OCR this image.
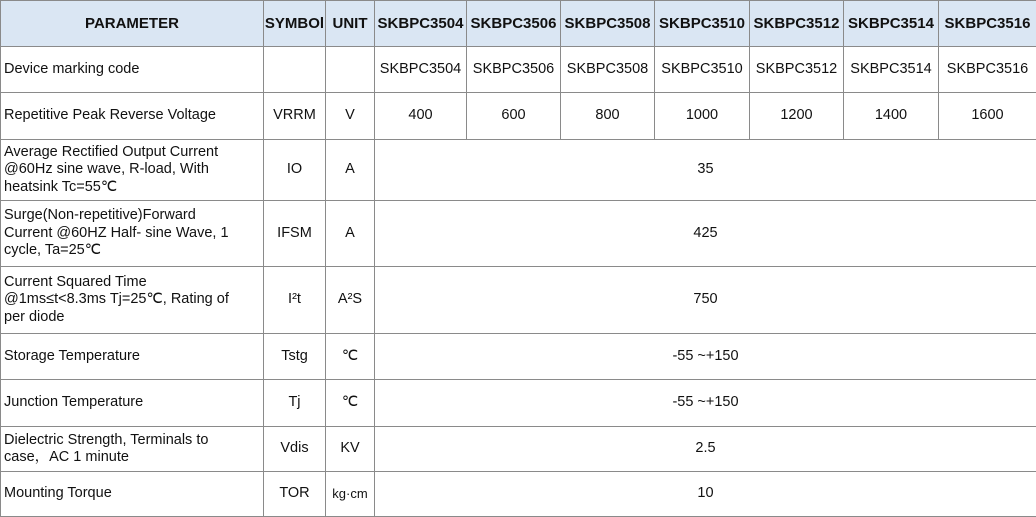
PARAMETER	SYMBOl	UNIT	SKBPC3504	SKBPC3506	SKBPC3508	SKBPC3510	SKBPC3512	SKBPC3514	SKBPC3516
Device marking code			SKBPC3504	SKBPC3506	SKBPC3508	SKBPC3510	SKBPC3512	SKBPC3514	SKBPC3516
Repetitive Peak Reverse Voltage	VRRM	V	400	600	800	1000	1200	1400	1600

Average Rectified Output Current
@60Hz sine wave, R-load, With
heatsink Tc=55℃	IO	A	35						

Surge(Non-repetitive)Forward
Current @60HZ Half- sine Wave, 1
cycle, Ta=25℃	IFSM	A	425						

Current Squared Time
@1ms≤t<8.3ms Tj=25℃, Rating of
per diode	I²t	A²S	750						
Storage Temperature	Tstg	℃	-55 ~+150						
Junction Temperature	Tj	℃	-55 ~+150						

Dielectric Strength, Terminals to
case，AC 1 minute	Vdis	KV	2.5						
Mounting Torque	TOR	kg·cm	10						
